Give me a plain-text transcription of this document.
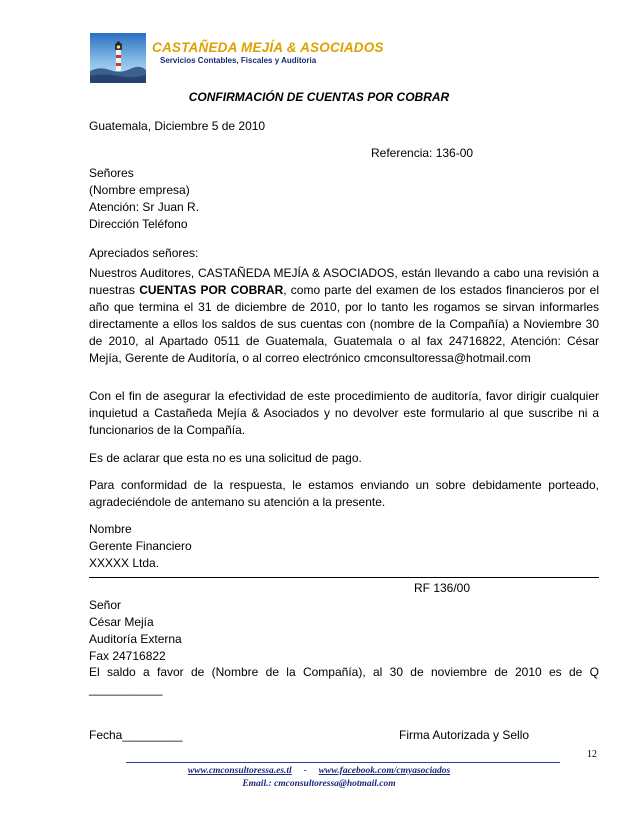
CASTAÑEDA MEJÍA & ASOCIADOS
Servicios Contables, Fiscales y Auditoria
CONFIRMACIÓN DE CUENTAS POR COBRAR
Guatemala, Diciembre 5 de 2010
Referencia: 136-00
Señores
(Nombre empresa)
Atención: Sr Juan R.
Dirección Teléfono
Apreciados señores:
Nuestros Auditores, CASTAÑEDA MEJÍA & ASOCIADOS, están llevando a cabo una revisión a nuestras CUENTAS POR COBRAR, como parte del examen de los estados financieros por el año que termina el 31 de diciembre de 2010, por lo tanto les rogamos se sirvan informarles directamente a ellos los saldos de sus cuentas con (nombre de la Compañía) a Noviembre 30 de 2010, al Apartado 0511 de Guatemala, Guatemala o al fax 24716822, Atención: César Mejía, Gerente de Auditoría, o al correo electrónico cmconsultoressa@hotmail.com
Con el fin de asegurar la efectividad de este procedimiento de auditoría, favor dirigir cualquier inquietud a Castañeda Mejía & Asociados y no devolver este formulario al que suscribe ni a funcionarios de la Compañía.
Es de aclarar que esta no es una solicitud de pago.
Para conformidad de la respuesta, le estamos enviando un sobre debidamente porteado, agradeciéndole de antemano su atención a la presente.
Nombre
Gerente Financiero
XXXXX Ltda.
RF 136/00
Señor
César Mejía
Auditoría Externa
Fax 24716822
El saldo a favor de (Nombre de la Compañía), al 30 de noviembre de 2010 es de Q ___________
Fecha_________	Firma Autorizada y Sello
12
www.cmconsultoressa.es.tl - www.facebook.com/cmyasociados
Email.: cmconsultoressa@hotmail.com
